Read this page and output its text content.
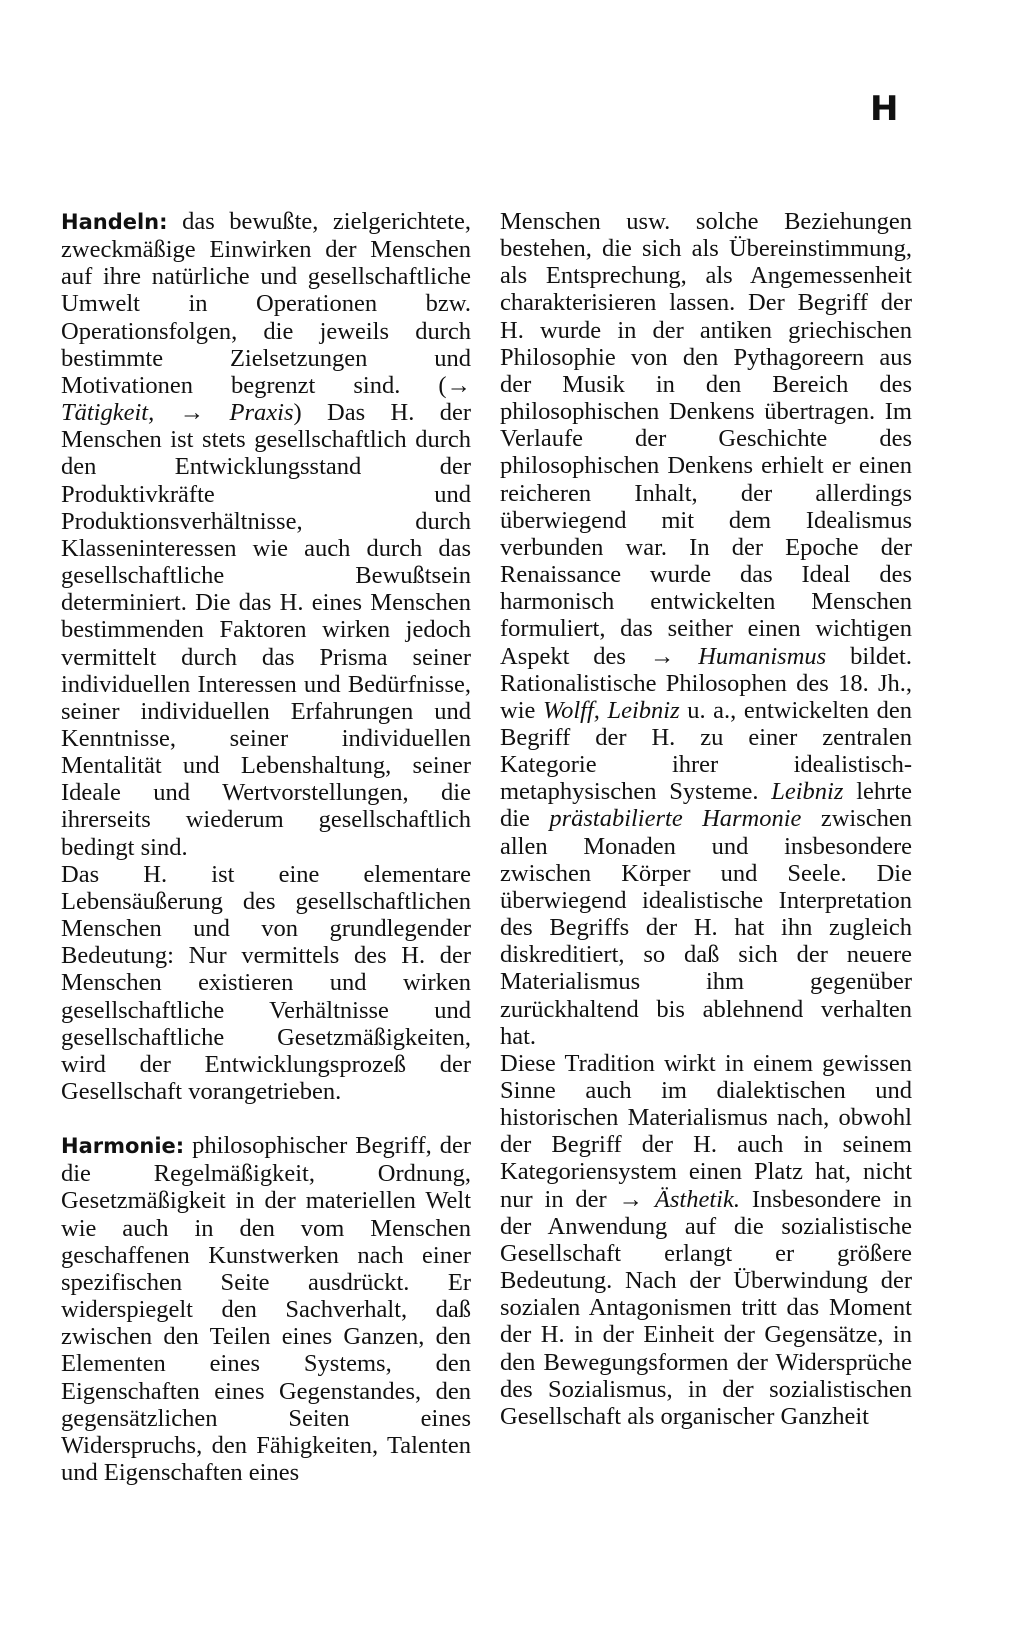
H

Handeln: das bewußte, zielgerichtete, zweckmäßige Einwirken der Menschen auf ihre natürliche und gesellschaftliche Umwelt in Operationen bzw. Operationsfolgen, die jeweils durch bestimmte Zielsetzungen und Motivationen begrenzt sind. (→ Tätigkeit, → Praxis) Das H. der Menschen ist stets gesellschaftlich durch den Entwicklungsstand der Produktivkräfte und Produktionsverhältnisse, durch Klasseninteressen wie auch durch das gesellschaftliche Bewußtsein determiniert. Die das H. eines Menschen bestimmenden Faktoren wirken jedoch vermittelt durch das Prisma seiner individuellen Interessen und Bedürfnisse, seiner individuellen Erfahrungen und Kenntnisse, seiner individuellen Mentalität und Lebenshaltung, seiner Ideale und Wertvorstellungen, die ihrerseits wiederum gesellschaftlich bedingt sind.

Das H. ist eine elementare Lebensäußerung des gesellschaftlichen Menschen und von grundlegender Bedeutung: Nur vermittels des H. der Menschen existieren und wirken gesellschaftliche Verhältnisse und gesellschaftliche Gesetzmäßigkeiten, wird der Entwicklungsprozeß der Gesellschaft vorangetrieben.

Harmonie: philosophischer Begriff, der die Regelmäßigkeit, Ordnung, Gesetzmäßigkeit in der materiellen Welt wie auch in den vom Menschen geschaffenen Kunstwerken nach einer spezifischen Seite ausdrückt. Er widerspiegelt den Sachverhalt, daß zwischen den Teilen eines Ganzen, den Elementen eines Systems, den Eigenschaften eines Gegenstandes, den gegensätzlichen Seiten eines Widerspruchs, den Fähigkeiten, Talenten und Eigenschaften eines

Menschen usw. solche Beziehungen bestehen, die sich als Übereinstimmung, als Entsprechung, als Angemessenheit charakterisieren lassen. Der Begriff der H. wurde in der antiken griechischen Philosophie von den Pythagoreern aus der Musik in den Bereich des philosophischen Denkens übertragen. Im Verlaufe der Geschichte des philosophischen Denkens erhielt er einen reicheren Inhalt, der allerdings überwiegend mit dem Idealismus verbunden war. In der Epoche der Renaissance wurde das Ideal des harmonisch entwickelten Menschen formuliert, das seither einen wichtigen Aspekt des → Humanismus bildet. Rationalistische Philosophen des 18. Jh., wie Wolff, Leibniz u. a., entwickelten den Begriff der H. zu einer zentralen Kategorie ihrer idealistisch-metaphysischen Systeme. Leibniz lehrte die prästabilierte Harmonie zwischen allen Monaden und insbesondere zwischen Körper und Seele. Die überwiegend idealistische Interpretation des Begriffs der H. hat ihn zugleich diskreditiert, so daß sich der neuere Materialismus ihm gegenüber zurückhaltend bis ablehnend verhalten hat.

Diese Tradition wirkt in einem gewissen Sinne auch im dialektischen und historischen Materialismus nach, obwohl der Begriff der H. auch in seinem Kategoriensystem einen Platz hat, nicht nur in der → Ästhetik. Insbesondere in der Anwendung auf die sozialistische Gesellschaft erlangt er größere Bedeutung. Nach der Überwindung der sozialen Antagonismen tritt das Moment der H. in der Einheit der Gegensätze, in den Bewegungsformen der Widersprüche des Sozialismus, in der sozialistischen Gesellschaft als organischer Ganzheit
